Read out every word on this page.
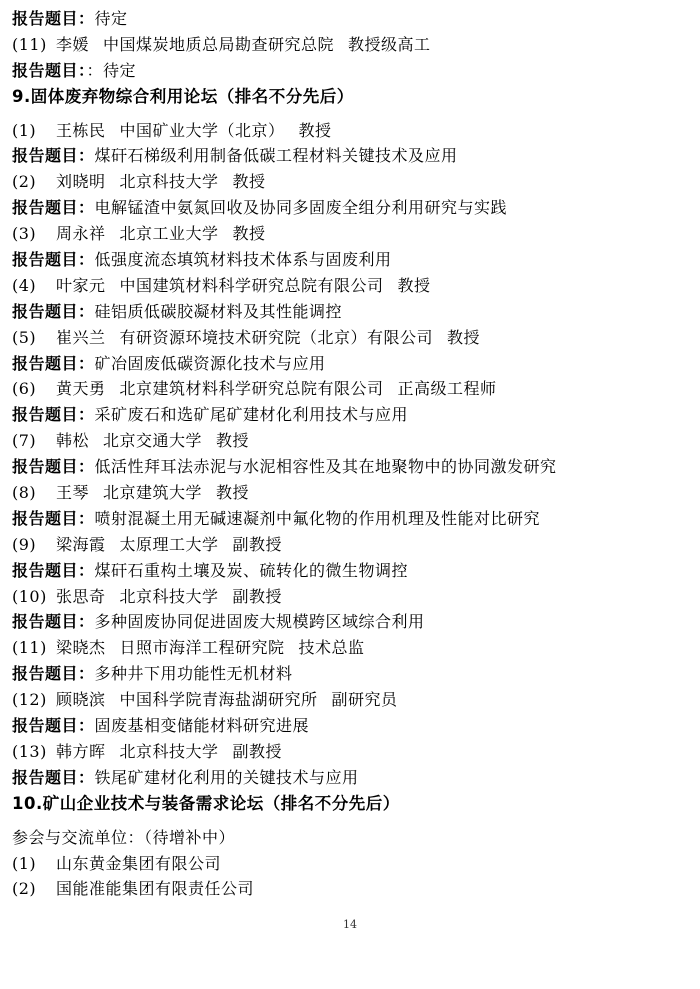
报告题目：待定
(11) 李媛 中国煤炭地质总局勘查研究总院 教授级高工
报告题目：：待定
9.固体废弃物综合利用论坛（排名不分先后）
(1) 王栋民 中国矿业大学（北京） 教授
报告题目：煤矸石梯级利用制备低碳工程材料关键技术及应用
(2) 刘晓明 北京科技大学 教授
报告题目：电解锰渣中氨氮回收及协同多固废全组分利用研究与实践
(3) 周永祥 北京工业大学 教授
报告题目：低强度流态填筑材料技术体系与固废利用
(4) 叶家元 中国建筑材料科学研究总院有限公司 教授
报告题目：硅铝质低碳胶凝材料及其性能调控
(5) 崔兴兰 有研资源环境技术研究院（北京）有限公司 教授
报告题目：矿冶固废低碳资源化技术与应用
(6) 黄天勇 北京建筑材料科学研究总院有限公司 正高级工程师
报告题目：采矿废石和选矿尾矿建材化利用技术与应用
(7) 韩松 北京交通大学 教授
报告题目：低活性拜耳法赤泥与水泥相容性及其在地聚物中的协同激发研究
(8) 王琴 北京建筑大学 教授
报告题目：喷射混凝土用无碱速凝剂中氟化物的作用机理及性能对比研究
(9) 梁海霞 太原理工大学 副教授
报告题目：煤矸石重构土壤及炭、硫转化的微生物调控
(10) 张思奇 北京科技大学 副教授
报告题目：多种固废协同促进固废大规模跨区域综合利用
(11) 梁晓杰 日照市海洋工程研究院 技术总监
报告题目：多种井下用功能性无机材料
(12) 顾晓滨 中国科学院青海盐湖研究所 副研究员
报告题目：固废基相变储能材料研究进展
(13) 韩方晖 北京科技大学 副教授
报告题目：铁尾矿建材化利用的关键技术与应用
10.矿山企业技术与装备需求论坛（排名不分先后）
参会与交流单位：（待增补中）
(1) 山东黄金集团有限公司
(2) 国能准能集团有限责任公司
14
